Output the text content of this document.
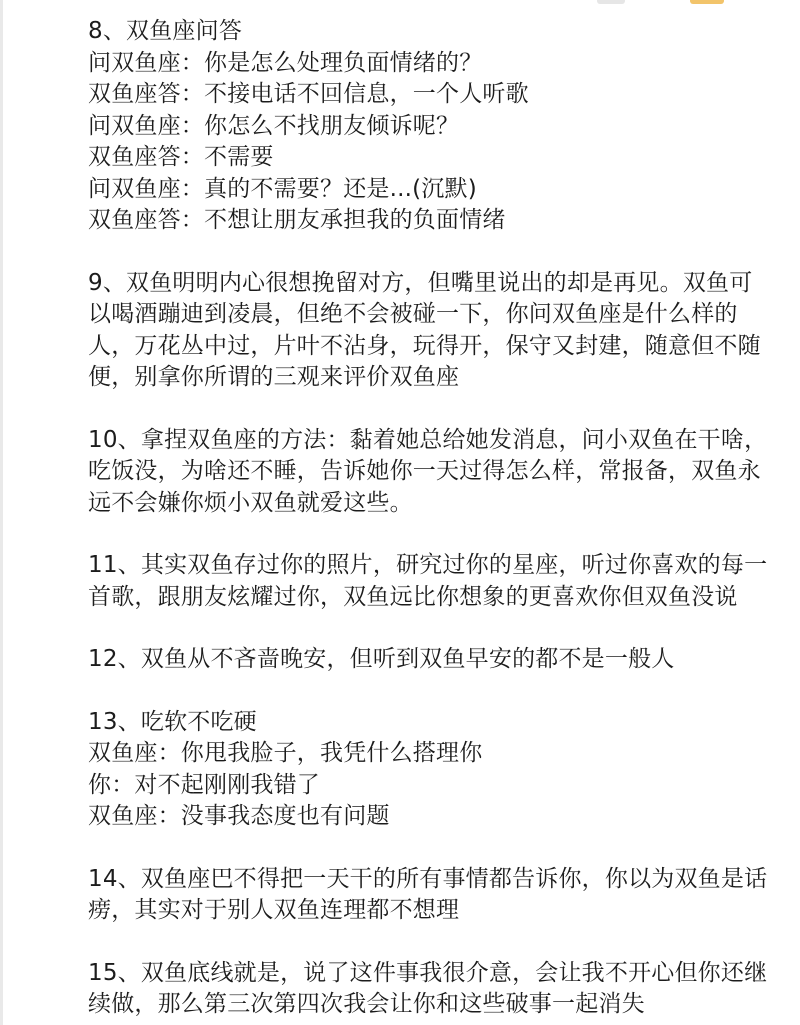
8、双鱼座问答
问双鱼座：你是怎么处理负面情绪的？
双鱼座答：不接电话不回信息，一个人听歌
问双鱼座：你怎么不找朋友倾诉呢？
双鱼座答：不需要
问双鱼座：真的不需要？还是...(沉默)
双鱼座答：不想让朋友承担我的负面情绪
9、双鱼明明内心很想挽留对方，但嘴里说出的却是再见。双鱼可
以喝酒蹦迪到凌晨，但绝不会被碰一下，你问双鱼座是什么样的
人，万花丛中过，片叶不沾身，玩得开，保守又封建，随意但不随
便，别拿你所谓的三观来评价双鱼座
10、拿捏双鱼座的方法：黏着她总给她发消息，问小双鱼在干啥，
吃饭没，为啥还不睡，告诉她你一天过得怎么样，常报备，双鱼永
远不会嫌你烦小双鱼就爱这些。
11、其实双鱼存过你的照片，研究过你的星座，听过你喜欢的每一
首歌，跟朋友炫耀过你，双鱼远比你想象的更喜欢你但双鱼没说
12、双鱼从不吝啬晚安，但听到双鱼早安的都不是一般人
13、吃软不吃硬
双鱼座：你甩我脸子，我凭什么搭理你
你：对不起刚刚我错了
双鱼座：没事我态度也有问题
14、双鱼座巴不得把一天干的所有事情都告诉你，你以为双鱼是话
痨，其实对于别人双鱼连理都不想理
15、双鱼底线就是，说了这件事我很介意，会让我不开心但你还继
续做，那么第三次第四次我会让你和这些破事一起消失
